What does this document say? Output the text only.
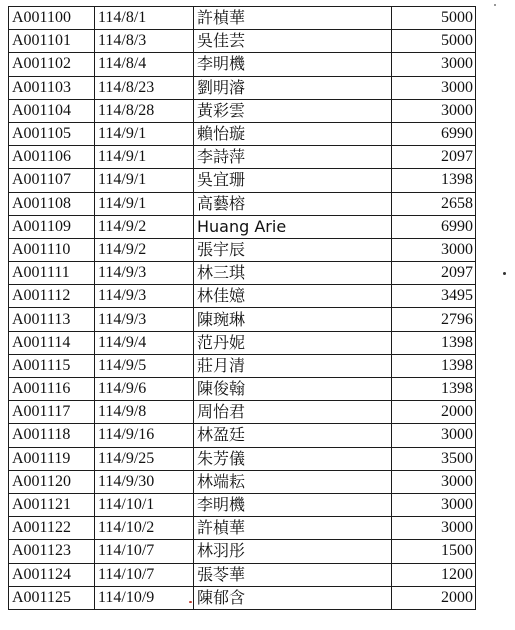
A001100	114/8/1	許楨華	5000
A001101	114/8/3	吳佳芸	5000
A001102	114/8/4	李明機	3000
A001103	114/8/23	劉明濬	3000
A001104	114/8/28	黃彩雲	3000
A001105	114/9/1	賴怡璇	6990
A001106	114/9/1	李詩萍	2097
A001107	114/9/1	吳宜珊	1398
A001108	114/9/1	高藝榕	2658
A001109	114/9/2	Huang Arie	6990
A001110	114/9/2	張宇辰	3000
A001111	114/9/3	林三琪	2097
A001112	114/9/3	林佳嬑	3495
A001113	114/9/3	陳琬琳	2796
A001114	114/9/4	范丹妮	1398
A001115	114/9/5	莊月清	1398
A001116	114/9/6	陳俊翰	1398
A001117	114/9/8	周怡君	2000
A001118	114/9/16	林盈廷	3000
A001119	114/9/25	朱芳儀	3500
A001120	114/9/30	林端耘	3000
A001121	114/10/1	李明機	3000
A001122	114/10/2	許楨華	3000
A001123	114/10/7	林羽彤	1500
A001124	114/10/7	張苓華	1200
A001125	114/10/9	陳郁含	2000
